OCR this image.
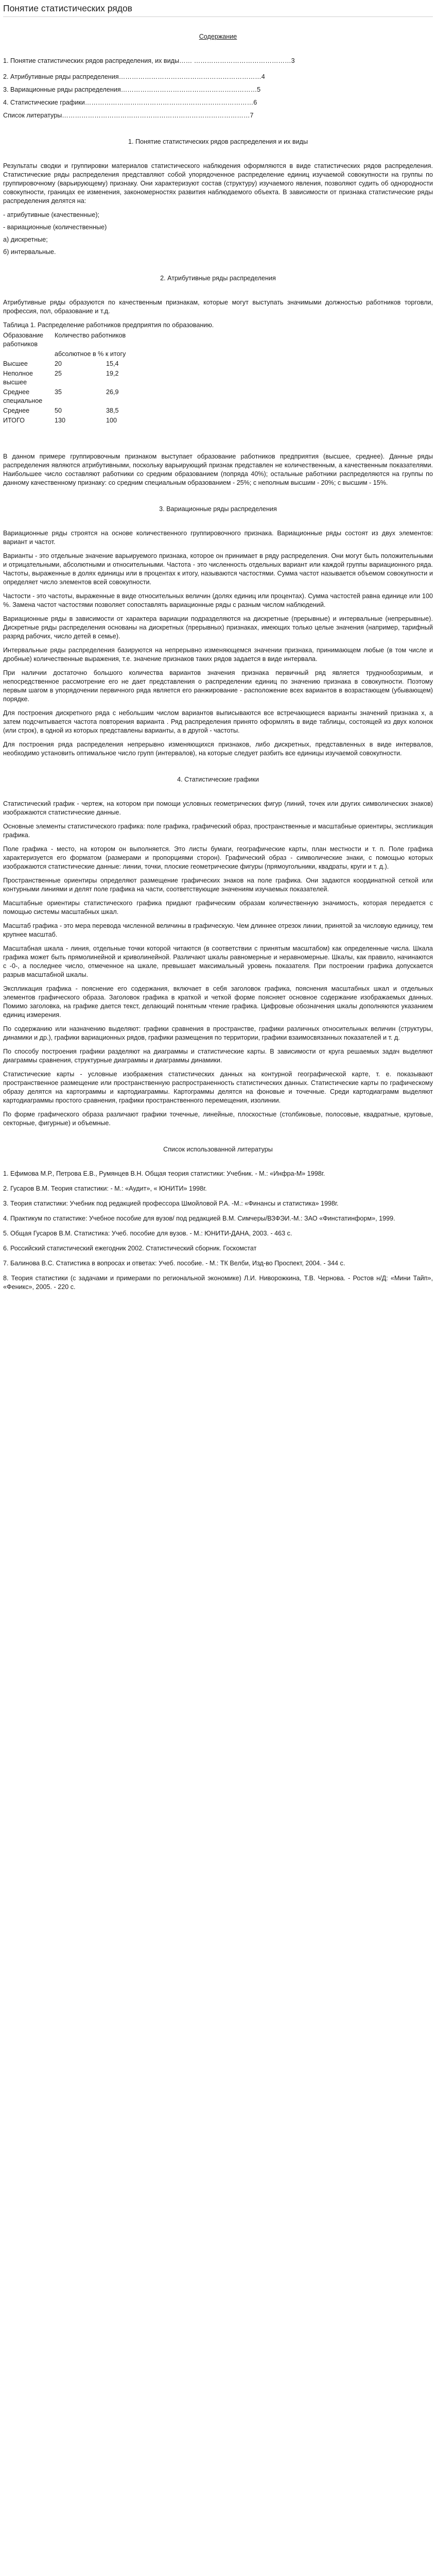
Понятие статистических рядов
Содержание
1. Понятие статистических рядов распределения, их виды…… ………………………………………3
2. Атрибутивные ряды распределения…………………………………………………………4
3. Вариационные ряды распределения………………………………………………………5
4. Статистические графики……………………………………………………………………6
Список литературы……………………………………………………………………………7
1. Понятие статистических рядов распределения и их виды

Результаты сводки и группировки материалов статистического наблюдения оформляются в виде статистических рядов распределения. Статистические ряды распределения представляют собой упорядоченное распределение единиц изучаемой совокупности на группы по группировочному (варьирующему) признаку. Они характеризуют состав (структуру) изучаемого явления, позволяют судить об однородности совокупности, границах ее изменения, закономерностях развития наблюдаемого объекта. В зависимости от признака статистические ряды распределения делятся на:

- атрибутивные (качественные);
- вариационные (количественные)
а) дискретные;
б) интервальные.
2. Атрибутивные ряды распределения

Атрибутивные ряды образуются по качественным признакам, которые могут выступать значимыми должностью работников торговли, профессия, пол, образование и т.д.

Таблица 1. Распределение работников предприятия по образованию.

Образование работников	Количество работников	
	абсолютное в % к итогу	
Высшее	20	15,4
Неполное высшее	25	19,2
Среднее специальное	35	26,9
Среднее	50	38,5
ИТОГО	130	100

В данном примере группировочным признаком выступает образование работников предприятия (высшее, среднее). Данные ряды распределения являются атрибутивными, поскольку варьирующий признак представлен не количественным, а качественным показателями. Наибольшее число составляют работники со средним образованием (попряда 40%); остальные работники распределяются на группы по данному качественному признаку: со средним специальным образованием - 25%; с неполным высшим - 20%; с высшим - 15%.

3. Вариационные ряды распределения

Вариационные ряды строятся на основе количественного группировочного признака. Вариационные ряды состоят из двух элементов: вариант и частот.

Варианты - это отдельные значение варьируемого признака, которое он принимает в ряду распределения. Они могут быть положительными и отрицательными, абсолютными и относительными. Частота - это численность отдельных вариант или каждой группы вариационного ряда. Частоты, выраженные в долях единицы или в процентах к итогу, называются частостями. Сумма частот называется объемом совокупности и определяет число элементов всей совокупности.

Частости - это частоты, выраженные в виде относительных величин (долях единиц или процентах). Сумма частостей равна единице или 100 %. Замена частот частостями позволяет сопоставлять вариационные ряды с разным числом наблюдений.

Вариационные ряды в зависимости от характера вариации подразделяются на дискретные (прерывные) и интервальные (непрерывные). Дискретные ряды распределения основаны на дискретных (прерывных) признаках, имеющих только целые значения (например, тарифный разряд рабочих, число детей в семье).

Интервальные ряды распределения базируются на непрерывно изменяющемся значении признака, принимающем любые (в том числе и дробные) количественные выражения, т.е. значение признаков таких рядов задается в виде интервала.

При наличии достаточно большого количества вариантов значения признака первичный ряд является труднообозримым, и непосредственное рассмотрение его не дает представления о распределении единиц по значению признака в совокупности. Поэтому первым шагом в упорядочении первичного ряда является его ранжирование - расположение всех вариантов в возрастающем (убывающем) порядке.

Для построения дискретного ряда с небольшим числом вариантов выписываются все встречающиеся варианты значений признака x, а затем подсчитывается частота повторения варианта . Ряд распределения принято оформлять в виде таблицы, состоящей из двух колонок (или строк), в одной из которых представлены варианты, а в другой - частоты.

Для построения ряда распределения непрерывно изменяющихся признаков, либо дискретных, представленных в виде интервалов, необходимо установить оптимальное число групп (интервалов), на которые следует разбить все единицы изучаемой совокупности.

4. Статистические графики

Статистический график - чертеж, на котором при помощи условных геометрических фигур (линий, точек или других символических знаков) изображаются статистические данные.

Основные элементы статистического графика: поле графика, графический образ, пространственные и масштабные ориентиры, экспликация графика.

Поле графика - место, на котором он выполняется. Это листы бумаги, географические карты, план местности и т. п. Поле графика характеризуется его форматом (размерами и пропорциями сторон). Графический образ - символические знаки, с помощью которых изображаются статистические данные: линии, точки, плоские геометрические фигуры (прямоугольники, квадраты, круги и т. д.).

Пространственные ориентиры определяют размещение графических знаков на поле графика. Они задаются координатной сеткой или контурными линиями и делят поле графика на части, соответствующие значениям изучаемых показателей.

Масштабные ориентиры статистического графика придают графическим образам количественную значимость, которая передается с помощью системы масштабных шкал.

Масштаб графика - это мера перевода численной величины в графическую. Чем длиннее отрезок линии, принятой за числовую единицу, тем крупнее масштаб.

Масштабная шкала - линия, отдельные точки которой читаются (в соответствии с принятым масштабом) как определенные числа. Шкала графика может быть прямолинейной и криволинейной. Различают шкалы равномерные и неравномерные. Шкалы, как правило, начинаются с -0-, а последнее число, отмеченное на шкале, превышает максимальный уровень показателя. При построении графика допускается разрыв масштабной шкалы.

Экспликация графика - пояснение его содержания, включает в себя заголовок графика, пояснения масштабных шкал и отдельных элементов графического образа. Заголовок графика в краткой и четкой форме поясняет основное содержание изображаемых данных. Помимо заголовка, на графике дается текст, делающий понятным чтение графика. Цифровые обозначения шкалы дополняются указанием единиц измерения.

По содержанию или назначению выделяют: графики сравнения в пространстве, графики различных относительных величин (структуры, динамики и др.), графики вариационных рядов, графики размещения по территории, графики взаимосвязанных показателей и т. д.

По способу построения графики разделяют на диаграммы и статистические карты. В зависимости от круга решаемых задач выделяют диаграммы сравнения, структурные диаграммы и диаграммы динамики.

Статистические карты - условные изображения статистических данных на контурной географической карте, т. е. показывают пространственное размещение или пространственную распространенность статистических данных. Статистические карты по графическому образу делятся на картограммы и картодиаграммы. Картограммы делятся на фоновые и точечные. Среди картодиаграмм выделяют картодиаграммы простого сравнения, графики пространственного перемещения, изолинии.

По форме графического образа различают графики точечные, линейные, плоскостные (столбиковые, полосовые, квадратные, круговые, секторные, фигурные) и объемные.

Список использованной литературы

1. Ефимова М.Р., Петрова Е.В., Румянцев В.Н. Общая теория статистики: Учебник. - М.: «Инфра-М» 1998г.

2. Гусаров В.М. Теория статистики: - М.: «Аудит», « ЮНИТИ» 1998г.

3. Теория статистики: Учебник под редакцией профессора Шмойловой Р.А. -М.: «Финансы и статистика» 1998г.

4. Практикум по статистике: Учебное пособие для вузов/ под редакцией В.М. Симчеры/ВЗФЭИ.-М.: ЗАО «Финстатинформ», 1999.

5. Общая Гусаров В.М. Статистика: Учеб. пособие для вузов. - М.: ЮНИТИ-ДАНА, 2003. - 463 с.

6. Российский статистический ежегодник 2002. Статистический сборник. Госкомстат

7. Балинова В.С. Статистика в вопросах и ответах: Учеб. пособие. - М.: ТК Велби, Изд-во Проспект, 2004. - 344 с.

8. Теория статистики (с задачами и примерами по региональной экономике) Л.И. Ниворожкина, Т.В. Чернова. - Ростов н/Д: «Мини Тайп», «Феникс», 2005. - 220 с.
